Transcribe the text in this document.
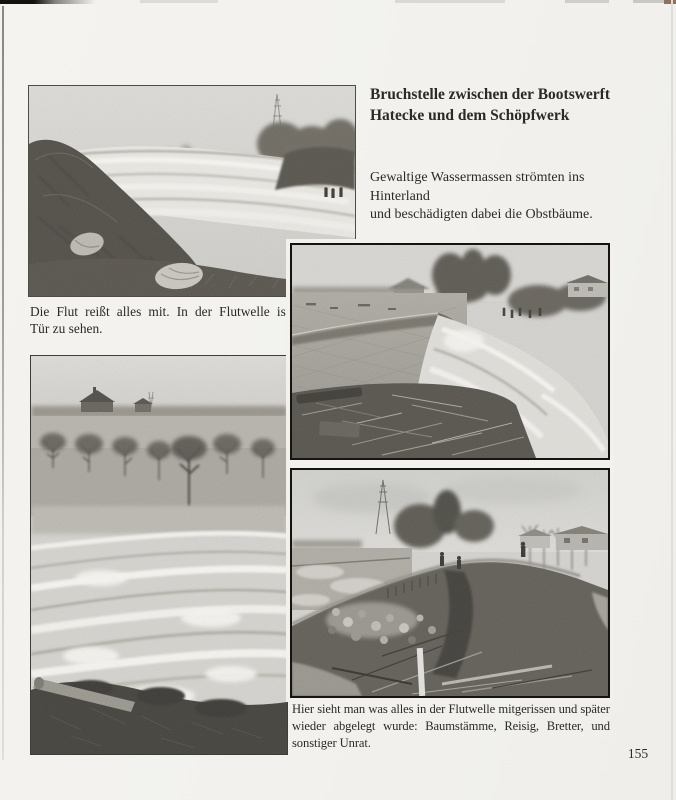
Bruchstelle zwischen der Bootswerft
Hatecke und dem Schöpfwerk
Gewaltige Wassermassen strömten ins Hinterland
und beschädigten dabei die Obstbäume.
Die Flut reißt alles mit. In der Flutwelle ist
Tür zu sehen.
Hier sieht man was alles in der Flutwelle mitgerissen und später
wieder abgelegt wurde: Baumstämme, Reisig, Bretter, und
sonstiger Unrat.
155
